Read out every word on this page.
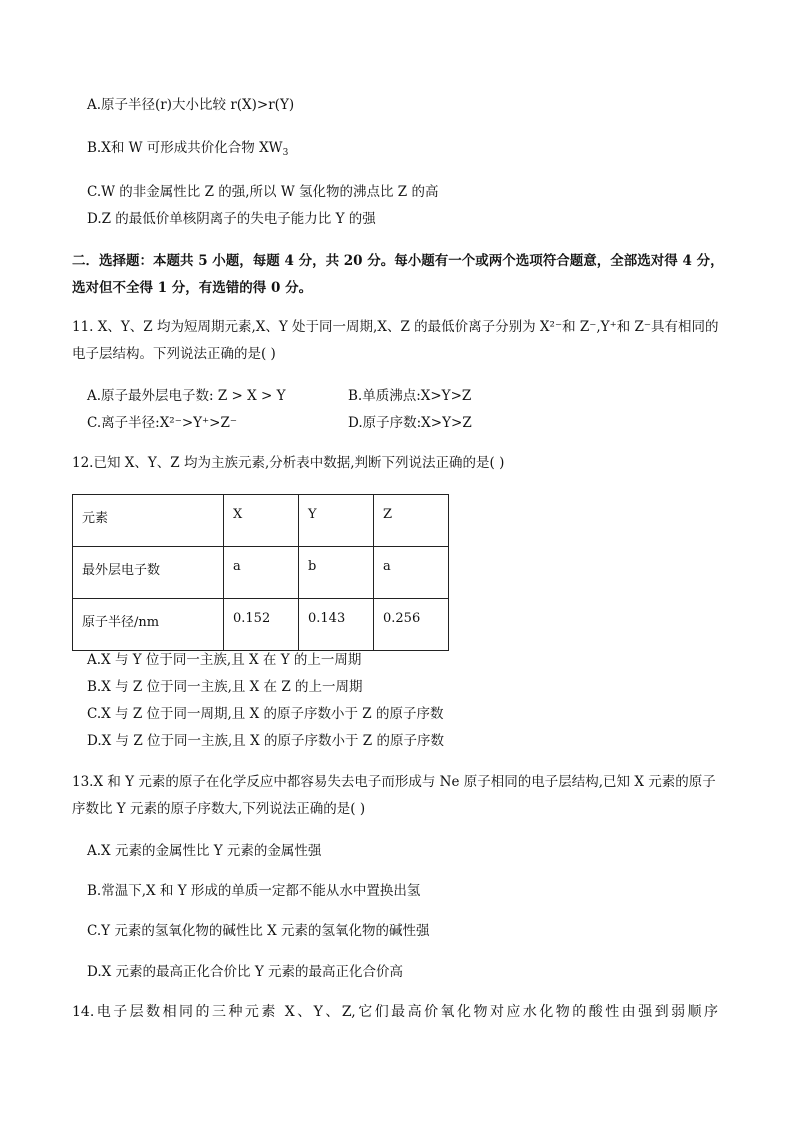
A.原子半径(r)大小比较 r(X)>r(Y)
B.X和 W 可形成共价化合物 $XW_3$
C.W 的非金属性比 Z 的强,所以 W 氢化物的沸点比 Z 的高
D.Z 的最低价单核阴离子的失电子能力比 Y 的强
二．选择题：本题共 5 小题，每题 4 分，共 20 分。每小题有一个或两个选项符合题意，全部选对得 4 分，
选对但不全得 1 分，有选错的得 0 分。
11. X、Y、Z 均为短周期元素,X、Y 处于同一周期,X、Z 的最低价离子分别为 X²⁻和 Z⁻,Y⁺和 Z⁻具有相同的
电子层结构。下列说法正确的是( )
A.原子最外层电子数: Z > X > Y	B.单质沸点:X>Y>Z
C.离子半径:X²⁻>Y⁺>Z⁻	D.原子序数:X>Y>Z
12.已知 X、Y、Z 均为主族元素,分析表中数据,判断下列说法正确的是( )
元素	X	Y	Z
最外层电子数	a	b	a
原子半径/nm	0.152	0.143	0.256
A.X 与 Y 位于同一主族,且 X 在 Y 的上一周期
B.X 与 Z 位于同一主族,且 X 在 Z 的上一周期
C.X 与 Z 位于同一周期,且 X 的原子序数小于 Z 的原子序数
D.X 与 Z 位于同一主族,且 X 的原子序数小于 Z 的原子序数
13.X 和 Y 元素的原子在化学反应中都容易失去电子而形成与 Ne 原子相同的电子层结构,已知 X 元素的原子
序数比 Y 元素的原子序数大,下列说法正确的是( )
A.X 元素的金属性比 Y 元素的金属性强
B.常温下,X 和 Y 形成的单质一定都不能从水中置换出氢
C.Y 元素的氢氧化物的碱性比 X 元素的氢氧化物的碱性强
D.X 元素的最高正化合价比 Y 元素的最高正化合价高
14.电子层数相同的三种元素 X、Y、Z,它们最高价氧化物对应水化物的酸性由强到弱顺序
